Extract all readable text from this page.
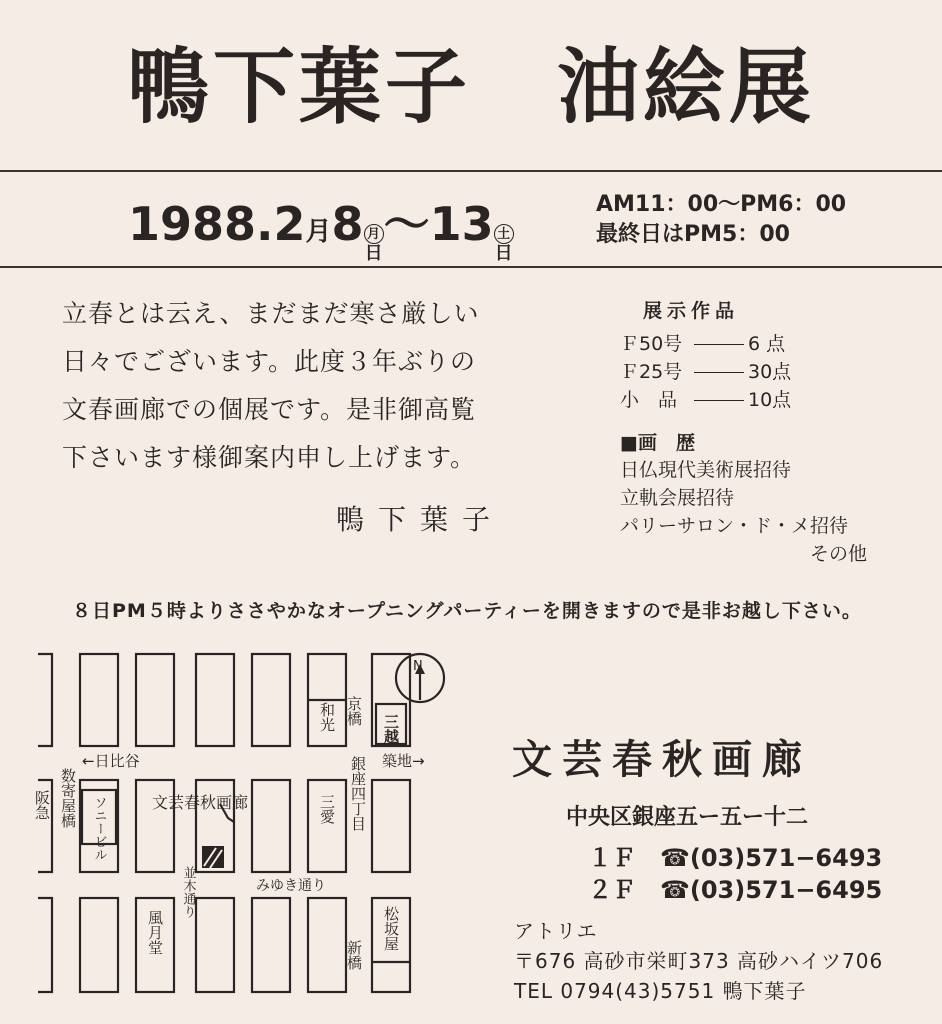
鴨下葉子　油絵展
1988.2月8 月
日
〜13 土
日
AM11：00〜PM6：00
最終日はPM5：00
立春とは云え、まだまだ寒さ厳しい
日々でございます。此度３年ぶりの
文春画廊での個展です。是非御高覧
下さいます様御案内申し上げます。
鴨下葉子
展示作品
Ｆ50号	6 点
Ｆ25号	30点
小　品	10点
■画　歴
日仏現代美術展招待
立軌会展招待
パリーサロン・ド・メ招待
その他
８日PM５時よりささやかなオープニングパーティーを開きますので是非お越し下さい。
N
京橋
和光	三越
←日比谷	築地→
数寄屋橋	銀座四丁目
阪急	ソニービル	文芸春秋画廊	三愛
並木通り	みゆき通り
風月堂	松坂屋
新橋
文芸春秋画廊
中央区銀座五ー五ー十二
１Ｆ　☎(03)571−6493
２Ｆ　☎(03)571−6495
アトリエ
〒676 高砂市栄町373 高砂ハイツ706
TEL 0794(43)5751 鴨下葉子
